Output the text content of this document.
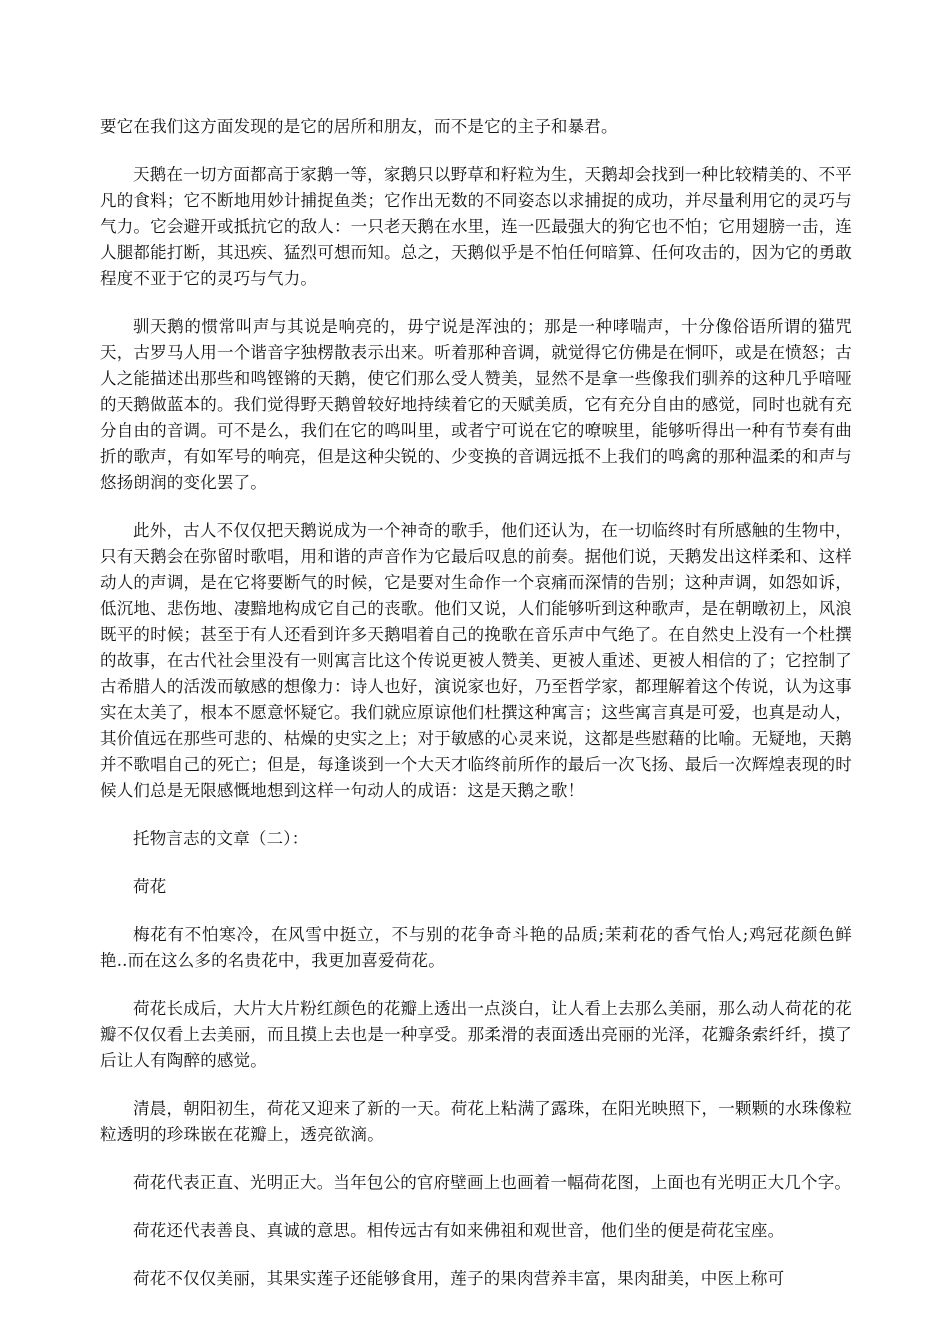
要它在我们这方面发现的是它的居所和朋友，而不是它的主子和暴君。

天鹅在一切方面都高于家鹅一等，家鹅只以野草和籽粒为生，天鹅却会找到一种比较精美的、不平凡的食料；它不断地用妙计捕捉鱼类；它作出无数的不同姿态以求捕捉的成功，并尽量利用它的灵巧与气力。它会避开或抵抗它的敌人：一只老天鹅在水里，连一匹最强大的狗它也不怕；它用翅膀一击，连人腿都能打断，其迅疾、猛烈可想而知。总之，天鹅似乎是不怕任何暗算、任何攻击的，因为它的勇敢程度不亚于它的灵巧与气力。

驯天鹅的惯常叫声与其说是响亮的，毋宁说是浑浊的；那是一种哮喘声，十分像俗语所谓的猫咒天，古罗马人用一个谐音字独楞散表示出来。听着那种音调，就觉得它仿佛是在恫吓，或是在愤怒；古人之能描述出那些和鸣铿锵的天鹅，使它们那么受人赞美，显然不是拿一些像我们驯养的这种几乎喑哑的天鹅做蓝本的。我们觉得野天鹅曾较好地持续着它的天赋美质，它有充分自由的感觉，同时也就有充分自由的音调。可不是么，我们在它的鸣叫里，或者宁可说在它的嘹唳里，能够听得出一种有节奏有曲折的歌声，有如军号的响亮，但是这种尖锐的、少变换的音调远抵不上我们的鸣禽的那种温柔的和声与悠扬朗润的变化罢了。

此外，古人不仅仅把天鹅说成为一个神奇的歌手，他们还认为，在一切临终时有所感触的生物中，只有天鹅会在弥留时歌唱，用和谐的声音作为它最后叹息的前奏。据他们说，天鹅发出这样柔和、这样动人的声调，是在它将要断气的时候，它是要对生命作一个哀痛而深情的告别；这种声调，如怨如诉，低沉地、悲伤地、凄黯地构成它自己的丧歌。他们又说，人们能够听到这种歌声，是在朝暾初上，风浪既平的时候；甚至于有人还看到许多天鹅唱着自己的挽歌在音乐声中气绝了。在自然史上没有一个杜撰的故事，在古代社会里没有一则寓言比这个传说更被人赞美、更被人重述、更被人相信的了；它控制了古希腊人的活泼而敏感的想像力：诗人也好，演说家也好，乃至哲学家，都理解着这个传说，认为这事实在太美了，根本不愿意怀疑它。我们就应原谅他们杜撰这种寓言；这些寓言真是可爱，也真是动人，其价值远在那些可悲的、枯燥的史实之上；对于敏感的心灵来说，这都是些慰藉的比喻。无疑地，天鹅并不歌唱自己的死亡；但是，每逢谈到一个大天才临终前所作的最后一次飞扬、最后一次辉煌表现的时候人们总是无限感慨地想到这样一句动人的成语：这是天鹅之歌！

托物言志的文章（二）：

荷花

梅花有不怕寒冷，在风雪中挺立，不与别的花争奇斗艳的品质;茉莉花的香气怡人;鸡冠花颜色鲜艳..而在这么多的名贵花中，我更加喜爱荷花。

荷花长成后，大片大片粉红颜色的花瓣上透出一点淡白，让人看上去那么美丽，那么动人荷花的花瓣不仅仅看上去美丽，而且摸上去也是一种享受。那柔滑的表面透出亮丽的光泽，花瓣条索纤纤，摸了后让人有陶醉的感觉。

清晨，朝阳初生，荷花又迎来了新的一天。荷花上粘满了露珠，在阳光映照下，一颗颗的水珠像粒粒透明的珍珠嵌在花瓣上，透亮欲滴。

荷花代表正直、光明正大。当年包公的官府壁画上也画着一幅荷花图，上面也有光明正大几个字。

荷花还代表善良、真诚的意思。相传远古有如来佛祖和观世音，他们坐的便是荷花宝座。

荷花不仅仅美丽，其果实莲子还能够食用，莲子的果肉营养丰富，果肉甜美，中医上称可
